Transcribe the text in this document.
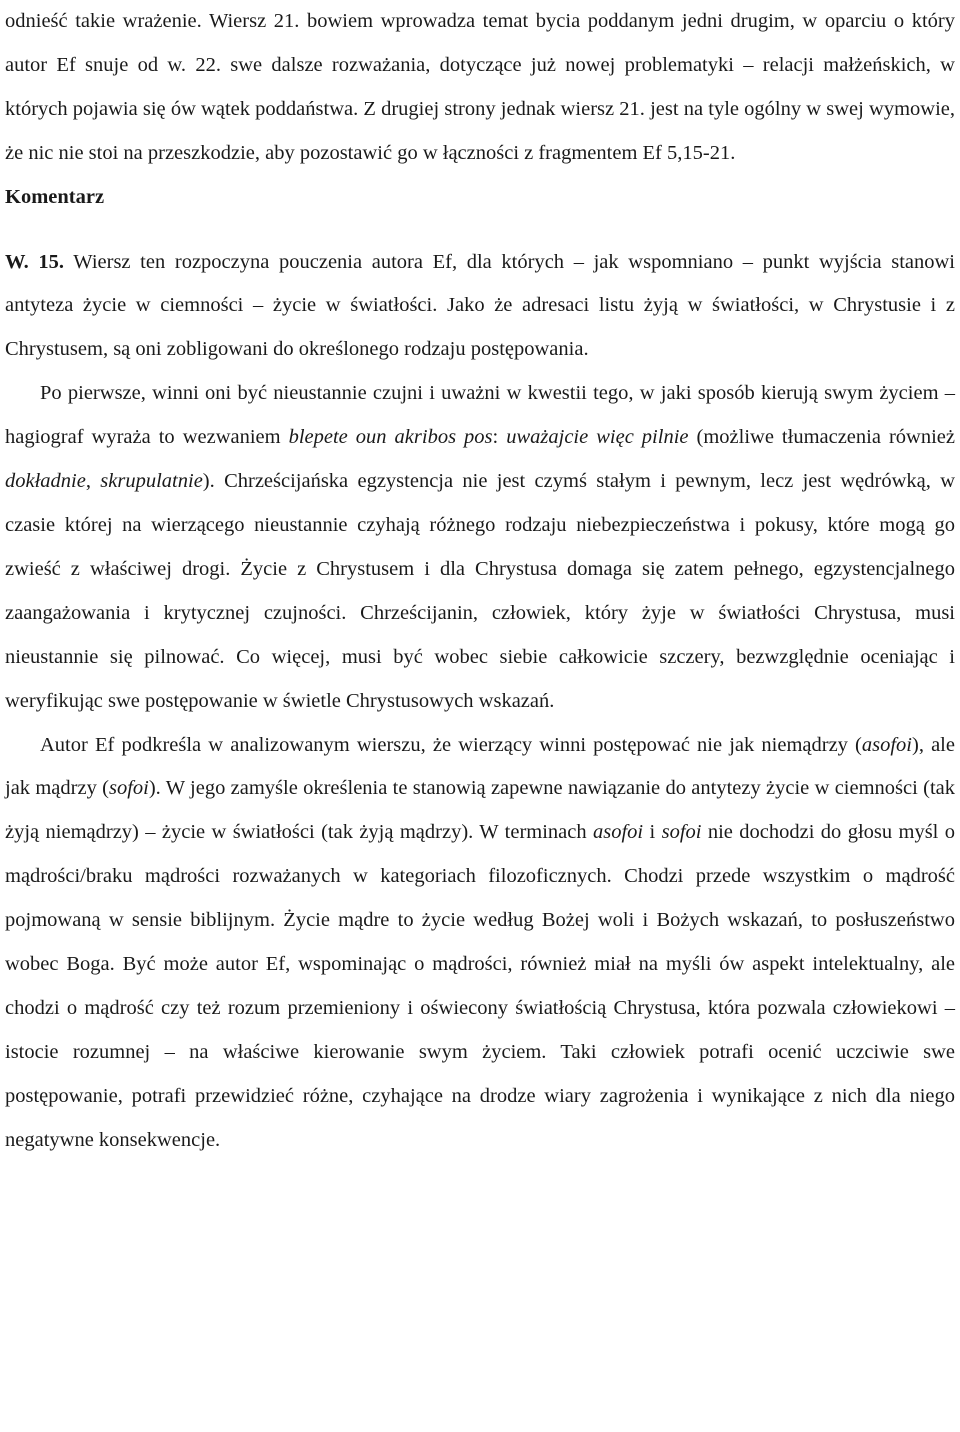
odnieść takie wrażenie. Wiersz 21. bowiem wprowadza temat bycia poddanym jedni drugim, w oparciu o który autor Ef snuje od w. 22. swe dalsze rozważania, dotyczące już nowej problematyki – relacji małżeńskich, w których pojawia się ów wątek poddaństwa. Z drugiej strony jednak wiersz 21. jest na tyle ogólny w swej wymowie, że nic nie stoi na przeszkodzie, aby pozostawić go w łączności z fragmentem Ef 5,15-21.

Komentarz

W. 15. Wiersz ten rozpoczyna pouczenia autora Ef, dla których – jak wspomniano – punkt wyjścia stanowi antyteza życie w ciemności – życie w światłości. Jako że adresaci listu żyją w światłości, w Chrystusie i z Chrystusem, są oni zobligowani do określonego rodzaju postępowania.

Po pierwsze, winni oni być nieustannie czujni i uważni w kwestii tego, w jaki sposób kierują swym życiem – hagiograf wyraża to wezwaniem blepete oun akribos pos: uważajcie więc pilnie (możliwe tłumaczenia również dokładnie, skrupulatnie). Chrześcijańska egzystencja nie jest czymś stałym i pewnym, lecz jest wędrówką, w czasie której na wierzącego nieustannie czyhają różnego rodzaju niebezpieczeństwa i pokusy, które mogą go zwieść z właściwej drogi. Życie z Chrystusem i dla Chrystusa domaga się zatem pełnego, egzystencjalnego zaangażowania i krytycznej czujności. Chrześcijanin, człowiek, który żyje w światłości Chrystusa, musi nieustannie się pilnować. Co więcej, musi być wobec siebie całkowicie szczery, bezwzględnie oceniając i weryfikując swe postępowanie w świetle Chrystusowych wskazań.

Autor Ef podkreśla w analizowanym wierszu, że wierzący winni postępować nie jak niemądrzy (asofoi), ale jak mądrzy (sofoi). W jego zamyśle określenia te stanowią zapewne nawiązanie do antytezy życie w ciemności (tak żyją niemądrzy) – życie w światłości (tak żyją mądrzy). W terminach asofoi i sofoi nie dochodzi do głosu myśl o mądrości/braku mądrości rozważanych w kategoriach filozoficznych. Chodzi przede wszystkim o mądrość pojmowaną w sensie biblijnym. Życie mądre to życie według Bożej woli i Bożych wskazań, to posłuszeństwo wobec Boga. Być może autor Ef, wspominając o mądrości, również miał na myśli ów aspekt intelektualny, ale chodzi o mądrość czy też rozum przemieniony i oświecony światłością Chrystusa, która pozwala człowiekowi – istocie rozumnej – na właściwe kierowanie swym życiem. Taki człowiek potrafi ocenić uczciwie swe postępowanie, potrafi przewidzieć różne, czyhające na drodze wiary zagrożenia i wynikające z nich dla niego negatywne konsekwencje.
